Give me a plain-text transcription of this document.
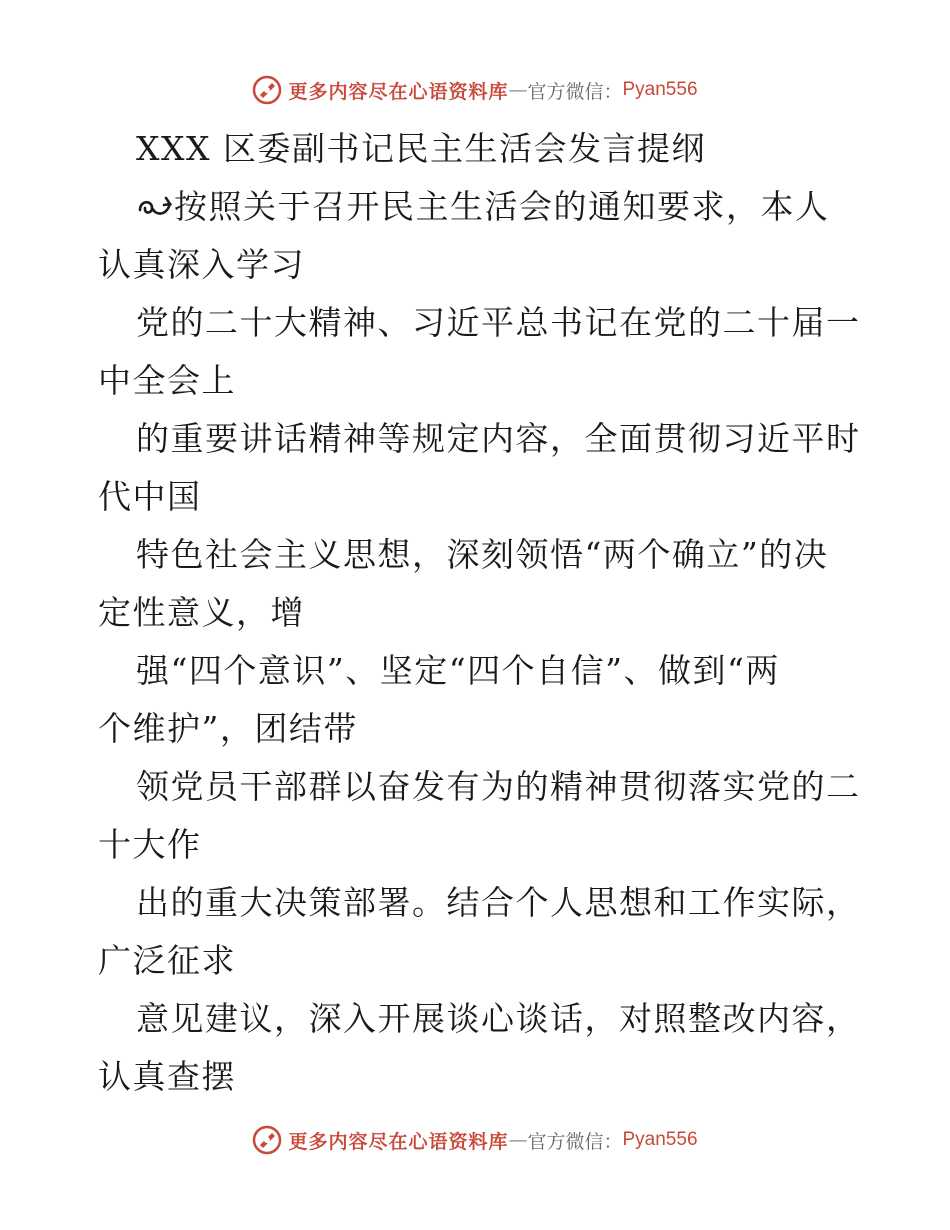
更多内容尽在心语资料库 — 官方微信： Pyan556
XXX 区委副书记民主生活会发言提纲
按照关于召开民主生活会的通知要求，本人
认真深入学习
党的二十大精神、习近平总书记在党的二十届一
中全会上
的重要讲话精神等规定内容，全面贯彻习近平时
代中国
特色社会主义思想，深刻领悟“两个确立”的决
定性意义，增
强“四个意识”、坚定“四个自信”、做到“两
个维护”，团结带
领党员干部群以奋发有为的精神贯彻落实党的二
十大作
出的重大决策部署。结合个人思想和工作实际，
广泛征求
意见建议，深入开展谈心谈话，对照整改内容，
认真查摆
更多内容尽在心语资料库 — 官方微信： Pyan556
